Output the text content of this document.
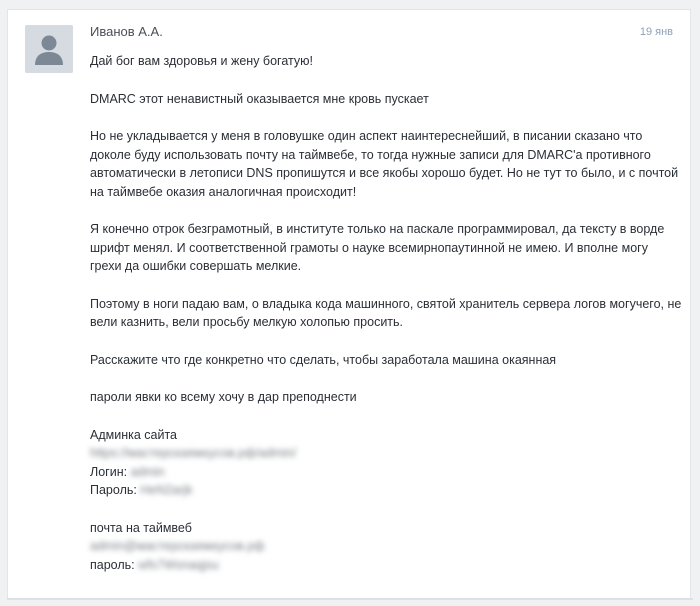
Иванов А.А.	19 янв

Дай бог вам здоровья и жену богатую!

DMARC этот ненавистный оказывается мне кровь пускает

Но не укладывается у меня в головушке один аспект наинтереснейший, в писании сказано что доколе буду использовать почту на таймвебе, то тогда нужные записи для DMARC'а противного автоматически в летописи DNS пропишутся и все якобы хорошо будет. Но не тут то было, и с почтой на таймвебе оказия аналогичная происходит!

Я конечно отрок безграмотный, в институте только на паскале программировал, да тексту в ворде шрифт менял. И соответственной грамоты о науке всемирнопаутинной не имею. И вполне могу грехи да ошибки совершать мелкие.

Поэтому в ноги падаю вам, о владыка кода машинного, святой хранитель сервера логов могучего, не вели казнить, вели просьбу мелкую холопью просить.

Расскажите что где конкретно что сделать, чтобы заработала машина окаянная

пароли явки ко всему хочу в дар преподнести

Админка сайта
https://мастерскаяжкусов.рф/admin/
Логин: admin
Пароль: HeN2arjk
почта на таймвеб
admin@мастерскаяжкусов.рф
пароль: wfs7Wsnaqjsu
